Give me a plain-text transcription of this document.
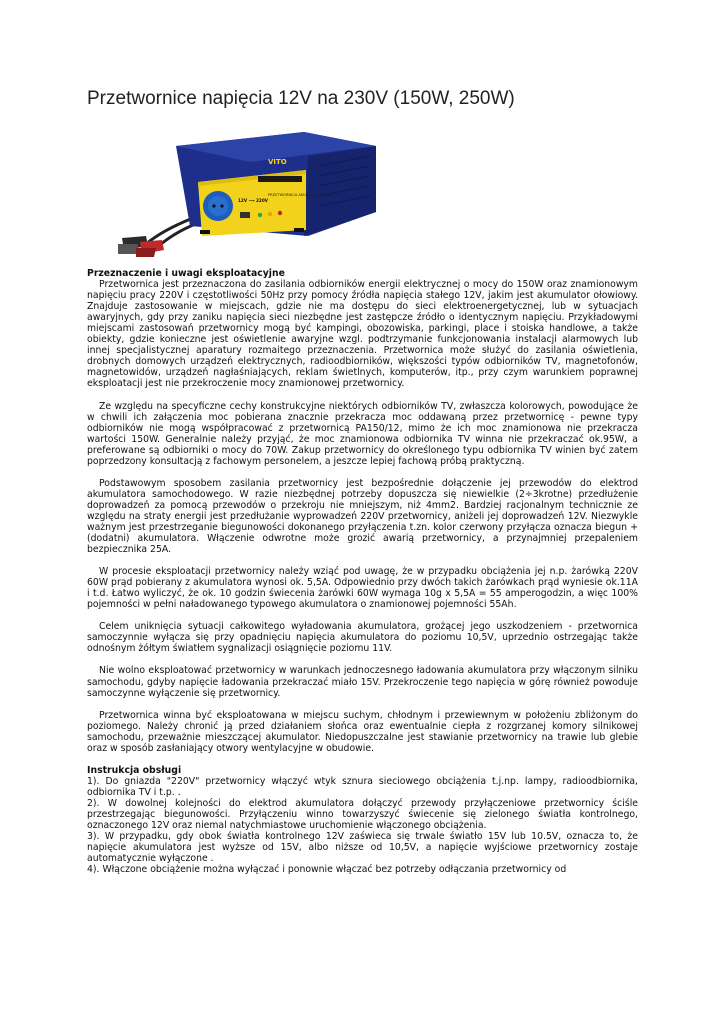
Przetwornice napięcia 12V na 230V (150W, 250W)
VITO
PRZETWORNICA AKUMULATOROWA
12V ⟶ 220V

Przeznaczenie i uwagi eksploatacyjne

Przetwornica jest przeznaczona do zasilania odbiorników energii elektrycznej o mocy do 150W oraz znamionowym napięciu pracy 220V i częstotliwości 50Hz przy pomocy źródła napięcia stałego 12V, jakim jest akumulator ołowiowy. Znajduje zastosowanie w miejscach, gdzie nie ma dostępu do sieci elektroenergetycznej, lub w sytuacjach awaryjnych, gdy przy zaniku napięcia sieci niezbędne jest zastępcze źródło o identycznym napięciu. Przykładowymi miejscami zastosowań przetwornicy mogą być kampingi, obozowiska, parkingi, place i stoiska handlowe, a także obiekty, gdzie konieczne jest oświetlenie awaryjne wzgl. podtrzymanie funkcjonowania instalacji alarmowych lub innej specjalistycznej aparatury rozmaitego przeznaczenia. Przetwornica może służyć do zasilania oświetlenia, drobnych domowych urządzeń elektrycznych, radioodbiorników, większości typów odbiorników TV, magnetofonów, magnetowidów, urządzeń nagłaśniających, reklam świetlnych, komputerów, itp., przy czym warunkiem poprawnej eksploatacji jest nie przekroczenie mocy znamionowej przetwornicy.

Ze względu na specyficzne cechy konstrukcyjne niektórych odbiorników TV, zwłaszcza kolorowych, powodujące że w chwili ich załączenia moc pobierana znacznie przekracza moc oddawaną przez przetwornicę - pewne typy odbiorników nie mogą współpracować z przetwornicą PA150/12, mimo że ich moc znamionowa nie przekracza wartości 150W. Generalnie należy przyjąć, że moc znamionowa odbiornika TV winna nie przekraczać ok.95W, a preferowane są odbiorniki o mocy do 70W. Zakup przetwornicy do określonego typu odbiornika TV winien być zatem poprzedzony konsultacją z fachowym personelem, a jeszcze lepiej fachową próbą praktyczną.

Podstawowym sposobem zasilania przetwornicy jest bezpośrednie dołączenie jej przewodów do elektrod akumulatora samochodowego. W razie niezbędnej potrzeby dopuszcza się niewielkie (2÷3krotne) przedłużenie doprowadzeń za pomocą przewodów o przekroju nie mniejszym, niż 4mm2. Bardziej racjonalnym technicznie ze względu na straty energii jest przedłużanie wyprowadzeń 220V przetwornicy, aniżeli jej doprowadzeń 12V. Niezwykle ważnym jest przestrzeganie biegunowości dokonanego przyłączenia t.zn. kolor czerwony przyłącza oznacza biegun + (dodatni) akumulatora. Włączenie odwrotne może grozić awarią przetwornicy, a przynajmniej przepaleniem bezpiecznika 25A.

W procesie eksploatacji przetwornicy należy wziąć pod uwagę, że w przypadku obciążenia jej n.p. żarówką 220V 60W prąd pobierany z akumulatora wynosi ok. 5,5A. Odpowiednio przy dwóch takich żarówkach prąd wyniesie ok.11A i t.d. Łatwo wyliczyć, że ok. 10 godzin świecenia żarówki 60W wymaga 10g x 5,5A = 55 amperogodzin, a więc 100% pojemności w pełni naładowanego typowego akumulatora o znamionowej pojemności 55Ah.

Celem uniknięcia sytuacji całkowitego wyładowania akumulatora, grożącej jego uszkodzeniem - przetwornica samoczynnie wyłącza się przy opadnięciu napięcia akumulatora do poziomu 10,5V, uprzednio ostrzegając także odnośnym żółtym światłem sygnalizacji osiągnięcie poziomu 11V.

Nie wolno eksploatować przetwornicy w warunkach jednoczesnego ładowania akumulatora przy włączonym silniku samochodu, gdyby napięcie ładowania przekraczać miało 15V. Przekroczenie tego napięcia w górę również powoduje samoczynne wyłączenie się przetwornicy.

Przetwornica winna być eksploatowana w miejscu suchym, chłodnym i przewiewnym w położeniu zbliżonym do poziomego. Należy chronić ją przed działaniem słońca oraz ewentualnie ciepła z rozgrzanej komory silnikowej samochodu, przeważnie mieszczącej akumulator. Niedopuszczalne jest stawianie przetwornicy na trawie lub glebie oraz w sposób zasłaniający otwory wentylacyjne w obudowie.

Instrukcja obsługi

1). Do gniazda "220V" przetwornicy włączyć wtyk sznura sieciowego obciążenia t.j.np. lampy, radioodbiornika, odbiornika TV i t.p. .

2). W dowolnej kolejności do elektrod akumulatora dołączyć przewody przyłączeniowe przetwornicy ściśle przestrzegając biegunowości. Przyłączeniu winno towarzyszyć świecenie się zielonego światła kontrolnego, oznaczonego 12V oraz niemal natychmiastowe uruchomienie włączonego obciążenia.

3). W przypadku, gdy obok światła kontrolnego 12V zaświeca się trwale światło 15V lub 10.5V, oznacza to, że napięcie akumulatora jest wyższe od 15V, albo niższe od 10,5V, a napięcie wyjściowe przetwornicy zostaje automatycznie wyłączone .

4). Włączone obciążenie można wyłączać i ponownie włączać bez potrzeby odłączania przetwornicy od
